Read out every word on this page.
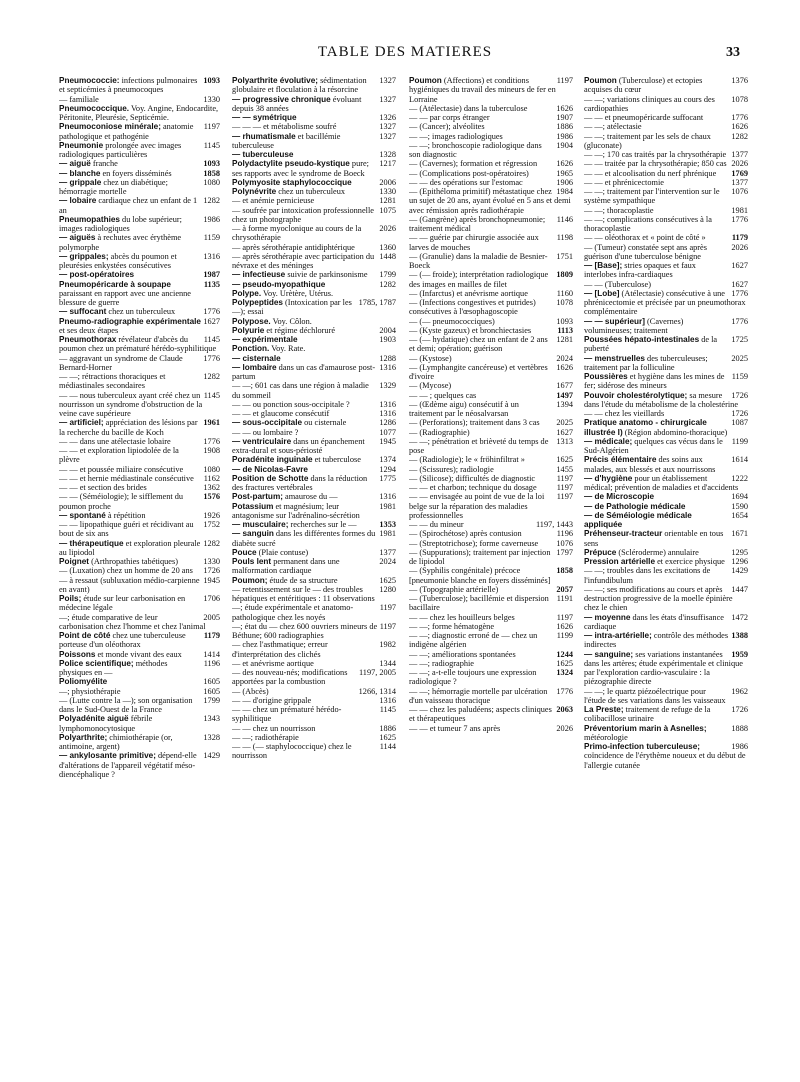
TABLE DES MATIERES	33

1093
Pneumococcie: infections pulmonaires et septicémies à pneumocoques

1330
— familiale

Pneumococcique. Voy. Angine, Endocardite, Péritonite, Pleurésie, Septicémie.

1197
Pneumoconiose minérale; anatomie pathologique et pathogénie

1145
Pneumonie prolongée avec images radiologiques particulières

1093
— aiguë franche

1858
— blanche en foyers disséminés

1080
— grippale chez un diabétique; hémorragie mortelle

1282
— lobaire cardiaque chez un enfant de 1 an

1986
Pneumopathies du lobe supérieur; images radiologiques

1159
— aiguës à rechutes avec érythème polymorphe

1316
— grippales; abcès du poumon et pleurésies enkystées consécutives

1987
— post-opératoires

1135
Pneumopéricarde à soupape paraissant en rapport avec une ancienne blessure de guerre

1776
— suffocant chez un tuberculeux

1627
Pneumo-radiographie expérimentale et ses deux étapes

1145
Pneumothorax révélateur d'abcès du poumon chez un prématuré hérédo-syphilitique

1776
— aggravant un syndrome de Claude Bernard-Horner

1282
— —; rétractions thoraciques et médiastinales secondaires

1145
— — nous tuberculeux ayant créé chez un nourrisson un syndrome d'obstruction de la veine cave supérieure

1961
— artificiel; appréciation des lésions par la recherche du bacille de Koch

1776
— — dans une atélectasie lobaire

1908
— — et exploration lipiodolée de la plèvre

1080
— — et poussée miliaire consécutive

1162
— — et hernie médiastinale consécutive

1362
— — et section des brides

1576
— — (Séméiologie); le sifflement du poumon proche

1926
— spontané à répétition

1752
— — lipopathique guéri et récidivant au bout de six ans

1282
— thérapeutique et exploration pleurale au lipiodol

1330
Poignet (Arthropathies tabétiques)

1726
— (Luxation) chez un homme de 20 ans

1945
— à ressaut (subluxation médio-carpienne en avant)

1706
Poils; étude sur leur carbonisation en médecine légale

2005
—; étude comparative de leur carbonisation chez l'homme et chez l'animal

1179
Point de côté chez une tuberculeuse porteuse d'un oléothorax

1414
Poissons et monde vivant des eaux

1196
Police scientifique; méthodes physiques en —

1605
Poliomyélite

1605
—; physiothérapie

1799
— (Lutte contre la —); son organisation dans le Sud-Ouest de la France

1343
Polyadénite aiguë fébrile lymphomonocytosique

1328
Polyarthrite; chimiothérapie (or, antimoine, argent)

1429
— ankylosante primitive; dépend-elle d'altérations de l'appareil végétatif méso-diencéphalique ?

1327
Polyarthrite évolutive; sédimentation globulaire et floculation à la résorcine

1327
— progressive chronique évoluant depuis 38 années

1326
— — symétrique

1327
— — — et métabolisme soufré

1327
— rhumatismale et bacillémie tuberculeuse

1328
— tuberculeuse

1217
Polydactylite pseudo-kystique pure; ses rapports avec le syndrome de Boeck

2006
Polymyosite staphylococcique

1330
Polynévrite chez un tuberculeux

1281
— et anémie pernicieuse

1075
— soufrée par intoxication professionnelle chez un photographe

2026
— à forme myoclonique au cours de la chrysothérapie

1360
— après sérothérapie antidiphtérique

1448
— après sérothérapie avec participation du névraxe et des méninges

1799
— infectieuse suivie de parkinsonisme

1282
— pseudo-myopathique

Polype. Voy. Urètère, Utérus.

1785, 1787
Polypeptides (Intoxication par les —); essai

Polypose. Voy. Côlon.

2004
Polyurie et régime déchloruré

1903
— expérimentale

Ponction. Voy. Rate.

1288
— cisternale

1316
— lombaire dans un cas d'amaurose post-partum

1329
— —; 601 cas dans une région à maladie du sommeil

1316
— — ou ponction sous-occipitale ?

1316
— — et glaucome consécutif

1286
— sous-occipitale ou cisternale

1077
— — ou lombaire ?

1945
— ventriculaire dans un épanchement extra-dural et sous-périosté

1374
Poradénite inguinale et tuberculose

1294
— de Nicolas-Favre

1775
Position de Schotte dans la réduction des fractures vertébrales

1316
Post-partum; amaurose du —

1981
Potassium et magnésium; leur antagonisme sur l'adrénalino-sécrétion

1353
— musculaire; recherches sur le —

1981
— sanguin dans les différentes formes du diabète sucré

1377
Pouce (Plaie contuse)

2024
Pouls lent permanent dans une malformation cardiaque

1625
Poumon; étude de sa structure

1280
— retentissement sur le — des troubles hépatiques et entéritiques : 11 observations

1197
—; étude expérimentale et anatomo-pathologique chez les noyés

1197
—; état du — chez 600 ouvriers mineurs de Béthune; 600 radiographies

1982
— chez l'asthmatique; erreur d'interprétation des clichés

1344
— et anévrisme aortique

1197, 2005
— des nouveau-nés; modifications apportées par la combustion

1266, 1314
— (Abcès)

1316
— — d'origine grippale

1145
— — chez un prématuré hérédo-syphilitique

1886
— — chez un nourrisson

1625
— —; radiothérapie

1144
— — (— staphylococcique) chez le nourrisson

1197
Poumon (Affections) et conditions hygiéniques du travail des mineurs de fer en Lorraine

1626
— (Atélectasie) dans la tuberculose

1907
— — par corps étranger

1886
— (Cancer); alvéolites

1986
— —; images radiologiques

1904
— —; bronchoscopie radiologique dans son diagnostic

1626
— (Cavernes); formation et régression

1965
— (Complications post-opératoires)

1906
— — des opérations sur l'estomac

1984
— (Epithéloma primitif) métastatique chez un sujet de 20 ans, ayant évolué en 5 ans et demi avec rémission après radiothérapie

1146
— (Gangrène) après bronchopneumonie; traitement médical

1198
— — guérie par chirurgie associée aux larves de mouches

1751
— (Granulie) dans la maladie de Besnier-Boeck

1809
— (— froide); interprétation radiologique des images en mailles de filet

1160
— (Infarctus) et anévrisme aortique

1078
— (Infections congestives et putrides) consécutives à l'œsophagoscopie

1093
— (— pneumococciques)

1113
— (Kyste gazeux) et bronchiectasies

1281
— (— hydatique) chez un enfant de 2 ans et demi; opération; guérison

2024
— (Kystose)

1626
— (Lymphangite cancéreuse) et vertèbres d'ivoire

1677
— (Mycose)

1497
— — ; quelques cas

1394
— (Œdème aigu) consécutif à un traitement par le néosalvarsan

2025
— (Perforations); traitement dans 3 cas

1627
— (Radiographie)

1313
— —; pénétration et brièveté du temps de pose

1625
— (Radiologie); le « fröhinfiltrat »

1455
— (Scissures); radiologie

1197
— (Silicose); difficultés de diagnostic

1197
— — et charbon; technique du dosage

1197
— — envisagée au point de vue de la loi belge sur la réparation des maladies professionnelles

1197, 1443
— — du mineur

1196
— (Spirochétose) après contusion

1076
— (Streptotrichose); forme caverneuse

1797
— (Suppurations); traitement par injection de lipiodol

1858
— (Syphilis congénitale) précoce [pneumonie blanche en foyers disséminés]

2057
— (Topographie artérielle)

1191
— (Tuberculose); bacillémie et dispersion bacillaire

1197
— — chez les houilleurs belges

1626
— —; forme hématogène

1199
— —; diagnostic erroné de — chez un indigène algérien

1244
— —; améliorations spontanées

1625
— —; radiographie

1324
— —; a-t-elle toujours une expression radiologique ?

1776
— —; hémorragie mortelle par ulcération d'un vaisseau thoracique

2063
— — chez les paludéens; aspects cliniques et thérapeutiques

2026
— — et tumeur 7 ans après

1376
Poumon (Tuberculose) et ectopies acquises du cœur

1078
— —; variations cliniques au cours des cardiopathies

1776
— — et pneumopéricarde suffocant

1626
— —; atélectasie

1282
— —; traitement par les sels de chaux (gluconate)

1377
— —; 170 cas traités par la chrysothérapie

2026
— — traitée par la chrysothérapie; 850 cas

1769
— — et alcoolisation du nerf phrénique

1377
— — et phrénicectomie

1076
— —; traitement par l'intervention sur le système sympathique

1981
— —; thoracoplastie

1776
— —; complications consécutives à la thoracoplastie

1179
— — oléothorax et « point de côté »

2026
— (Tumeur) constatée sept ans après guérison d'une tuberculose bénigne

1627
— [Base]; stries opaques et faux interlobes infra-cardiaques

1627
— — (Tuberculose)

1776
— [Lobe] (Atélectasie) consécutive à une phrénicectomie et précisée par un pneumothorax complémentaire

1776
— — supérieur] (Cavernes) volumineuses; traitement

1725
Poussées hépato-intestinales de la puberté

2025
— menstruelles des tuberculeuses; traitement par la folliculine

1159
Poussières et hygiène dans les mines de fer; sidérose des mineurs

1726
Pouvoir cholestérolytique; sa mesure dans l'étude du métabolisme de la cholestérine

1726
— — chez les vieillards

1087
Pratique anatomo - chirurgicale illustrée I) (Région abdomino-thoracique)

1199
— médicale; quelques cas vécus dans le Sud-Algérien

1614
Précis élémentaire des soins aux malades, aux blessés et aux nourrissons

1222
— d'hygiène pour un établissement médical; prévention de maladies et d'accidents

1694
— de Microscopie

1590
— de Pathologie médicale

1654
— de Séméiologie médicale appliquée

1671
Préhenseur-tracteur orientable en tous sens

1295
Prépuce (Scléroderme) annulaire

1296
Pression artérielle et exercice physique

1429
— —; troubles dans les excitations de l'infundibulum

1447
— —; ses modifications au cours et après destruction progressive de la moelle épinière chez le chien

1472
— moyenne dans les états d'insuffisance cardiaque

1388
— intra-artérielle; contrôle des méthodes indirectes

1959
— sanguine; ses variations instantanées dans les artères; étude expérimentale et clinique par l'exploration cardio-vasculaire : la piézographie directe

1962
— —; le quartz piézoélectrique pour l'étude de ses variations dans les vaisseaux

1726
La Preste; traitement de refuge de la colibacillose urinaire

1888
Préventorium marin à Asnelles; météorologie

1986
Primo-infection tuberculeuse; coïncidence de l'érythème noueux et du début de l'allergie cutanée
